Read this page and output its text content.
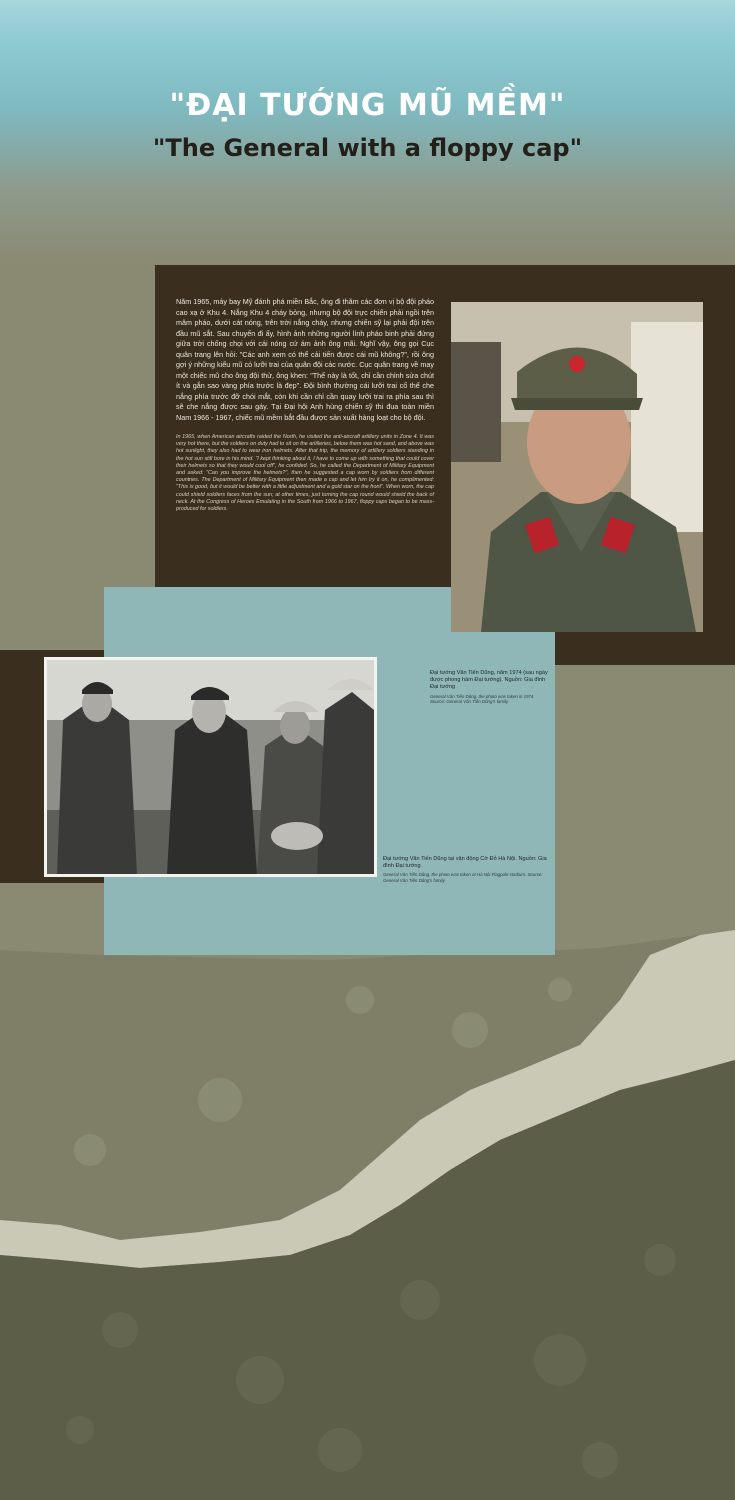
"ĐẠI TƯỚNG MŨ MỀM"
"The General with a floppy cap"
Năm 1965, máy bay Mỹ đánh phá miền Bắc, ông đi thăm các đơn vị bộ đội pháo cao xạ ở Khu 4. Nắng Khu 4 cháy bỏng, nhưng bộ đội trực chiến phải ngồi trên mâm pháo, dưới cát nóng, trên trời nắng cháy, nhưng chiến sỹ lại phải đội trên đầu mũ sắt. Sau chuyến đi ấy, hình ảnh những người lính pháo binh phải đứng giữa trời chống chọi với cái nóng cứ ám ảnh ông mãi. Nghĩ vậy, ông gọi Cục quân trang lên hỏi: "Các anh xem có thể cải tiến được cái mũ không?", rồi ông gợi ý những kiểu mũ có lưỡi trai của quân đội các nước. Cục quân trang về may một chiếc mũ cho ông đội thử, ông khen: "Thế này là tốt, chỉ cần chỉnh sửa chút ít và gắn sao vàng phía trước là đẹp". Đội bình thường cái lưỡi trai cố thể che nắng phía trước đỡ chói mắt, còn khi cần chỉ cần quay lưỡi trai ra phía sau thì sẽ che nắng được sau gáy. Tại Đại hội Anh hùng chiến sỹ thi đua toàn miền Nam 1966 - 1967, chiếc mũ mềm bắt đầu được sản xuất hàng loạt cho bộ đội.
In 1965, when American aircrafts raided the North, he visited the anti-aircraft artillery units in Zone 4. It was very hot there, but the soldiers on duty had to sit on the artilleries, below them was hot sand, and above was hot sunlight, they also had to wear iron helmets. After that trip, the memory of artillery soldiers standing in the hot sun still bore in his mind. "I kept thinking about it, I have to come up with something that could cover their helmets so that they would cool off", he confided. So, he called the Department of Military Equipment and asked: "Can you improve the helmets?", then he suggested a cap worn by soldiers from different countries. The Department of Military Equipment then made a cap and let him try it on, he complimented: "This is good, but it would be better with a little adjustment and a gold star on the front". When worn, the cap could shield soldiers faces from the sun; at other times, just turning the cap round would shield the back of neck. At the Congress of Heroes Emulating in the South from 1966 to 1967, floppy caps began to be mass-produced for soldiers.
Đại tướng Văn Tiến Dũng, năm 1974 (sau ngày được phong hàm Đại tướng). Nguồn: Gia đình Đại tướng
General Văn Tiến Dũng, the photo was taken in 1974. Source: General Văn Tiến Dũng's family
Đại tướng Văn Tiến Dũng tại vận động Cờ Đỏ Hà Nội. Nguồn: Gia đình Đại tướng
General Văn Tiến Dũng, the photo was taken at Hà Nội Flagpole stadium. Source: General Văn Tiến Dũng's family
